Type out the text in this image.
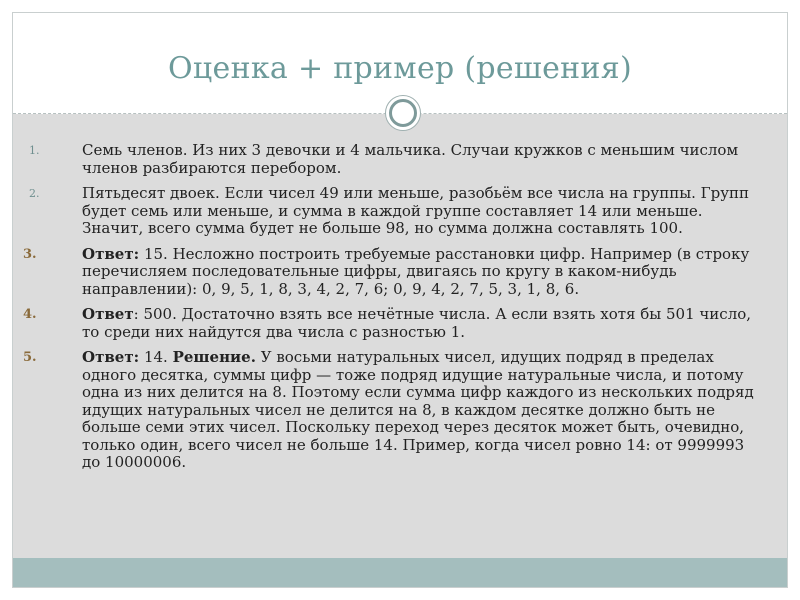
Оценка + пример (решения)
1.	Семь членов. Из них 3 девочки и 4 мальчика. Случаи кружков с меньшим числом членов разбираются перебором.
2.	Пятьдесят двоек. Если чисел 49 или меньше, разобьём все числа на группы. Групп будет семь или меньше, и сумма в каждой группе составляет 14 или меньше. Значит, всего сумма будет не больше 98, но сумма должна составлять 100.
3.	Ответ: 15. Несложно построить требуемые расстановки цифр. Например (в строку перечисляем последовательные цифры, двигаясь по кругу в каком-нибудь направлении): 0, 9, 5, 1, 8, 3, 4, 2, 7, 6; 0, 9, 4, 2, 7, 5, 3, 1, 8, 6.
4.	Ответ: 500. Достаточно взять все нечётные числа. А если взять хотя бы 501 число, то среди них найдутся два числа с разностью 1.
5.	Ответ: 14. Решение. У восьми натуральных чисел, идущих подряд в пределах одного десятка, суммы цифр — тоже подряд идущие натуральные числа, и потому одна из них делится на 8. Поэтому если сумма цифр каждого из нескольких подряд идущих натуральных чисел не делится на 8, в каждом десятке должно быть не больше семи этих чисел. Поскольку переход через десяток может быть, очевидно, только один, всего чисел не больше 14. Пример, когда чисел ровно 14: от 9999993 до 10000006.
